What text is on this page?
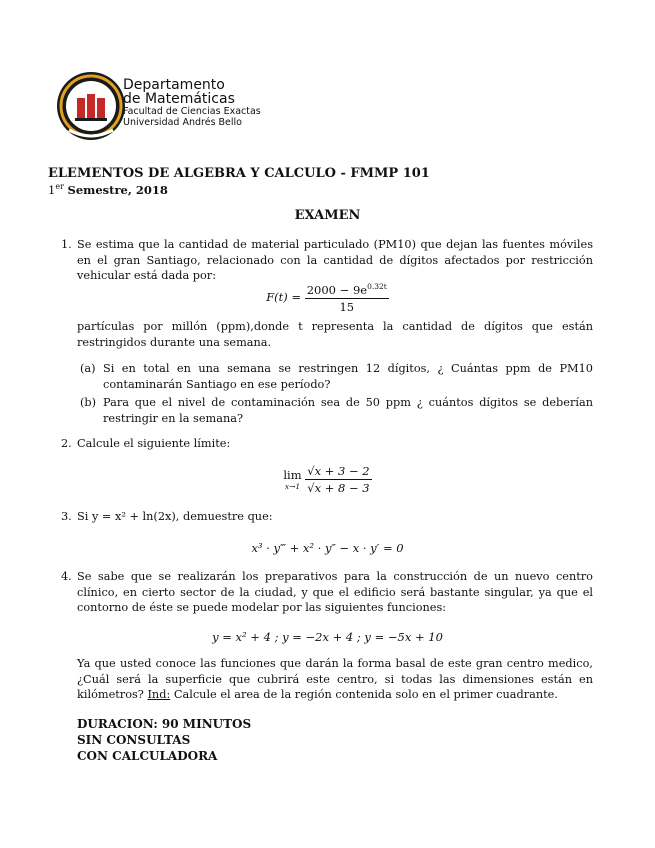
Departamento
de Matemáticas
Facultad de Ciencias Exactas
Universidad Andrés Bello
ELEMENTOS DE ALGEBRA Y CALCULO - FMMP 101
1er Semestre, 2018
EXAMEN
1. Se estima que la cantidad de material particulado (PM10) que dejan las fuentes móviles en el gran Santiago, relacionado con la cantidad de dígitos afectados por restricción vehicular está dada por:
$F(t) = \frac{2000 - 9e^{0.32t}}{15}$
partículas por millón (ppm),donde t representa la cantidad de dígitos que están restringidos durante una semana.
(a) Si en total en una semana se restringen 12 dígitos, ¿ Cuántas ppm de PM10 contaminarán Santiago en ese período?
(b) Para que el nivel de contaminación sea de 50 ppm ¿ cuántos dígitos se deberían restringir en la semana?
2. Calcule el siguiente límite:
lim
x→1
$\frac{√x + 3 - 2}{√x + 8 - 3}$
3. Si y = x² + ln(2x), demuestre que:
x³ · y‴ + x² · y″ − x · y′ = 0
4. Se sabe que se realizarán los preparativos para la construcción de un nuevo centro clínico, en cierto sector de la ciudad, y que el edificio será bastante singular, ya que el contorno de éste se puede modelar por las siguientes funciones:
y = x² + 4 ; y = −2x + 4 ; y = −5x + 10
Ya que usted conoce las funciones que darán la forma basal de este gran centro medico, ¿Cuál será la superficie que cubrirá este centro, si todas las dimensiones están en kilómetros? Ind: Calcule el area de la región contenida solo en el primer cuadrante.
DURACION: 90 MINUTOS
SIN CONSULTAS
CON CALCULADORA
